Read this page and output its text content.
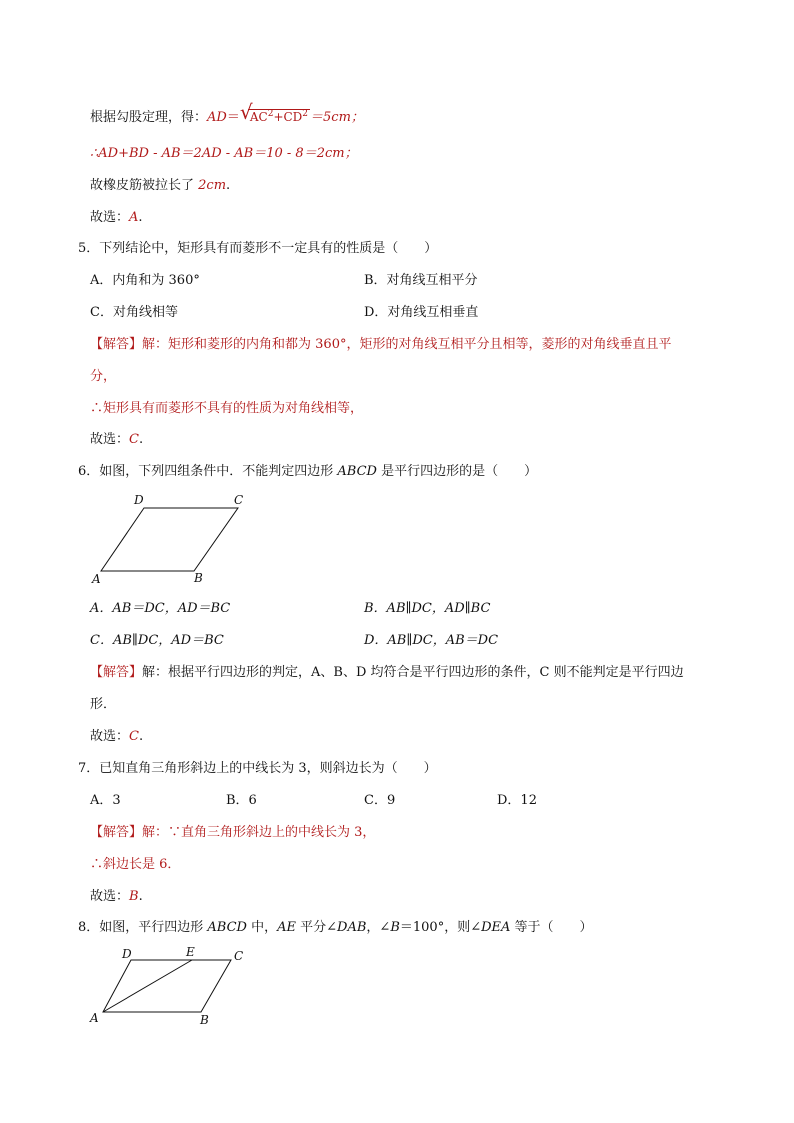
根据勾股定理，得：AD＝ √
$AC^2+CD^2 =5cm$；
∴AD+BD - AB＝2AD - AB＝10 - 8＝2cm；
故橡皮筋被拉长了 2cm.
故选：A.
5．下列结论中，矩形具有而菱形不一定具有的性质是（　　）
A．内角和为 360°	B．对角线互相平分
C．对角线相等	D．对角线互相垂直
【解答】解：矩形和菱形的内角和都为 360°，矩形的对角线互相平分且相等，菱形的对角线垂直且平
分，
∴矩形具有而菱形不具有的性质为对角线相等，
故选：C.
6．如图，下列四组条件中．不能判定四边形 ABCD 是平行四边形的是（　　）
A	B
C
D
A．AB＝DC，AD＝BC	B．AB∥DC，AD∥BC
C．AB∥DC，AD＝BC	D．AB∥DC，AB＝DC
【解答】解：根据平行四边形的判定，A、B、D 均符合是平行四边形的条件，C 则不能判定是平行四边
形．
故选：C.
7．已知直角三角形斜边上的中线长为 3，则斜边长为（　　）
A．3	B．6	C．9	D．12
【解答】解：∵直角三角形斜边上的中线长为 3，
∴斜边长是 6．
故选：B.
8．如图，平行四边形 ABCD 中，AE 平分∠DAB，∠B＝100°，则∠DEA 等于（　　）
A	B
C
D	E
